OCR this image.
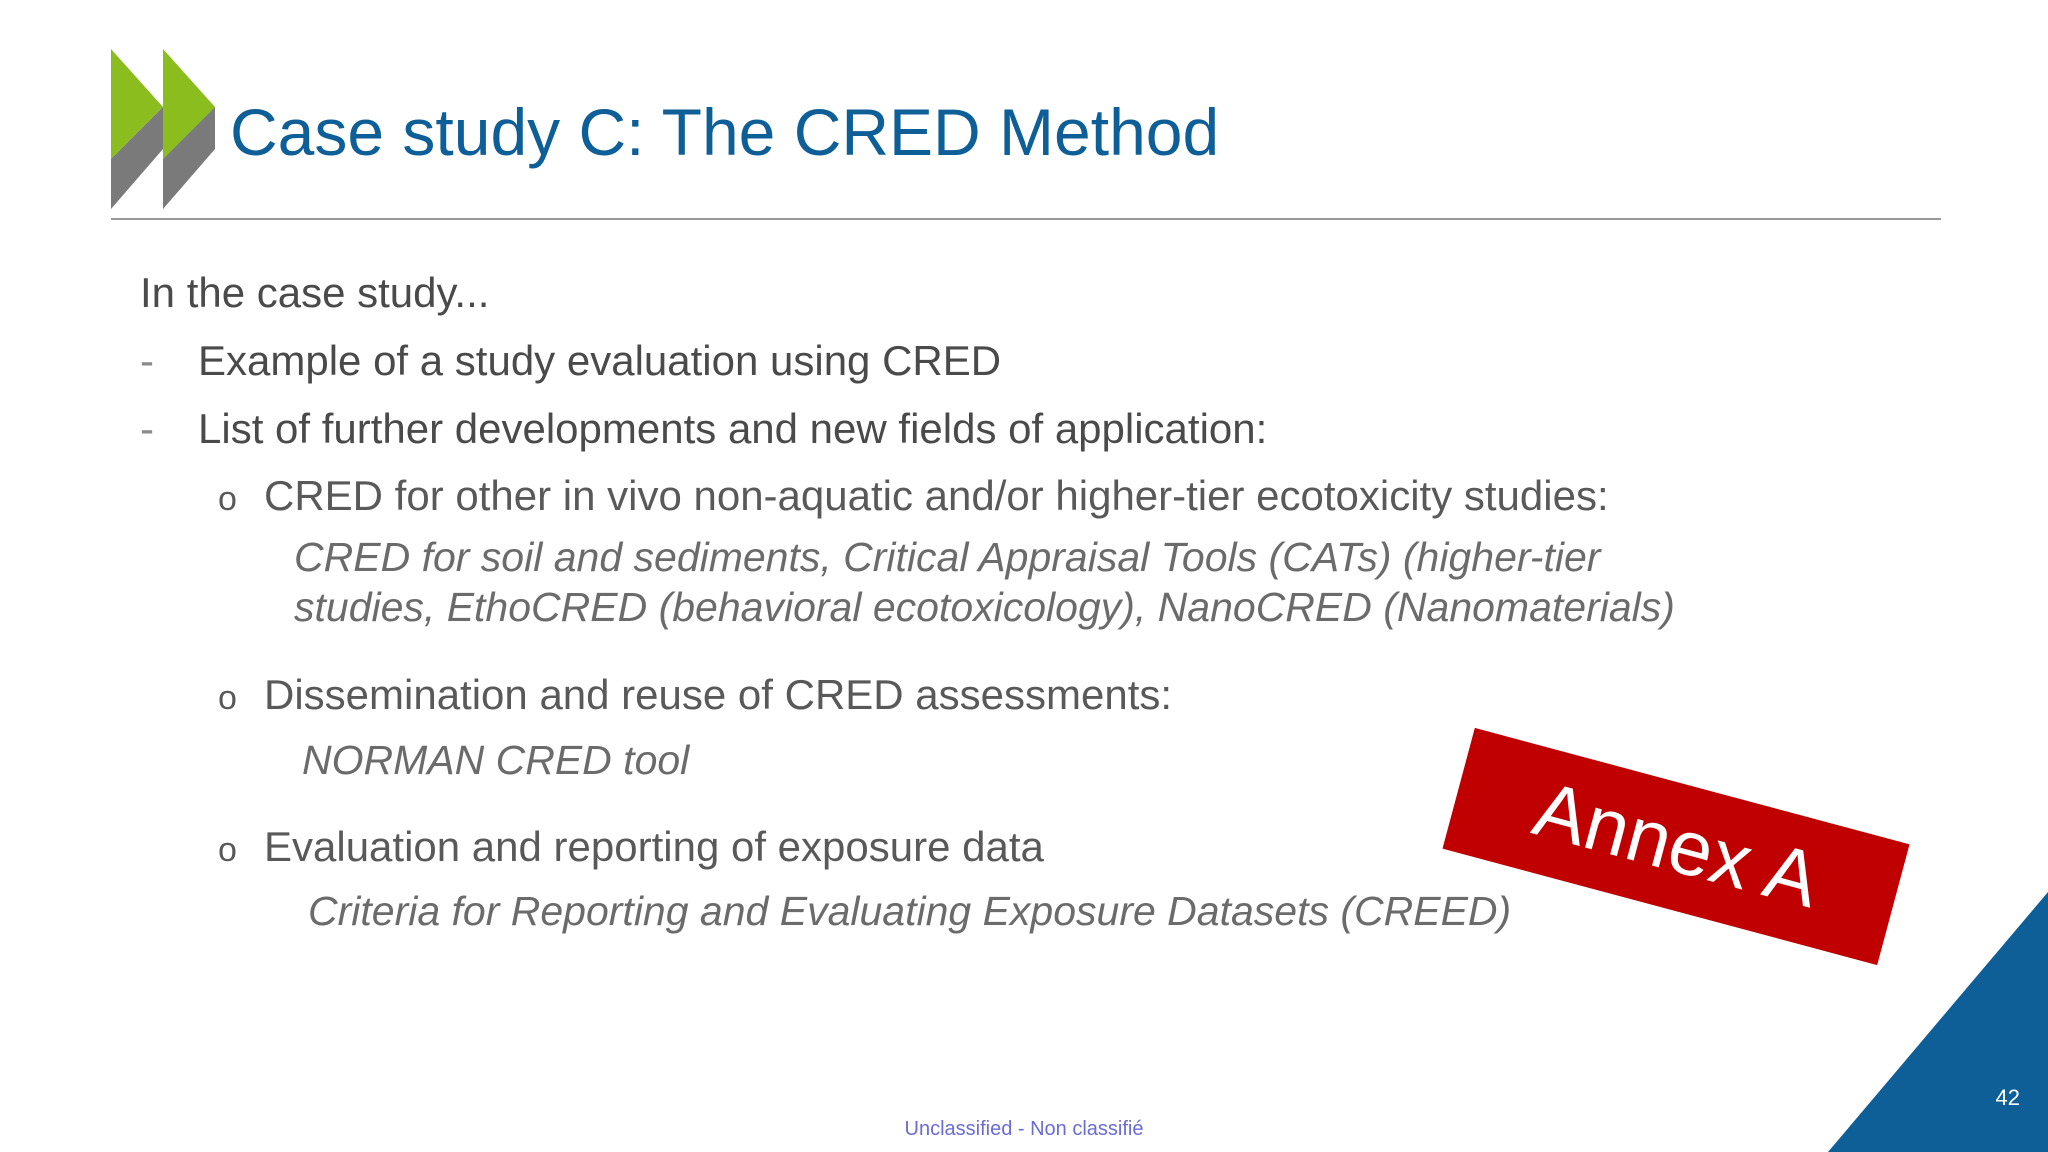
Case study C: The CRED Method
In the case study...
- Example of a study evaluation using CRED
- List of further developments and new fields of application:
o CRED for other in vivo non-aquatic and/or higher-tier ecotoxicity studies:
CRED for soil and sediments, Critical Appraisal Tools (CATs) (higher-tier
studies, EthoCRED (behavioral ecotoxicology), NanoCRED (Nanomaterials)
o Dissemination and reuse of CRED assessments:
NORMAN CRED tool
o Evaluation and reporting of exposure data
Criteria for Reporting and Evaluating Exposure Datasets (CREED) Annex A
42
Unclassified - Non classifié
